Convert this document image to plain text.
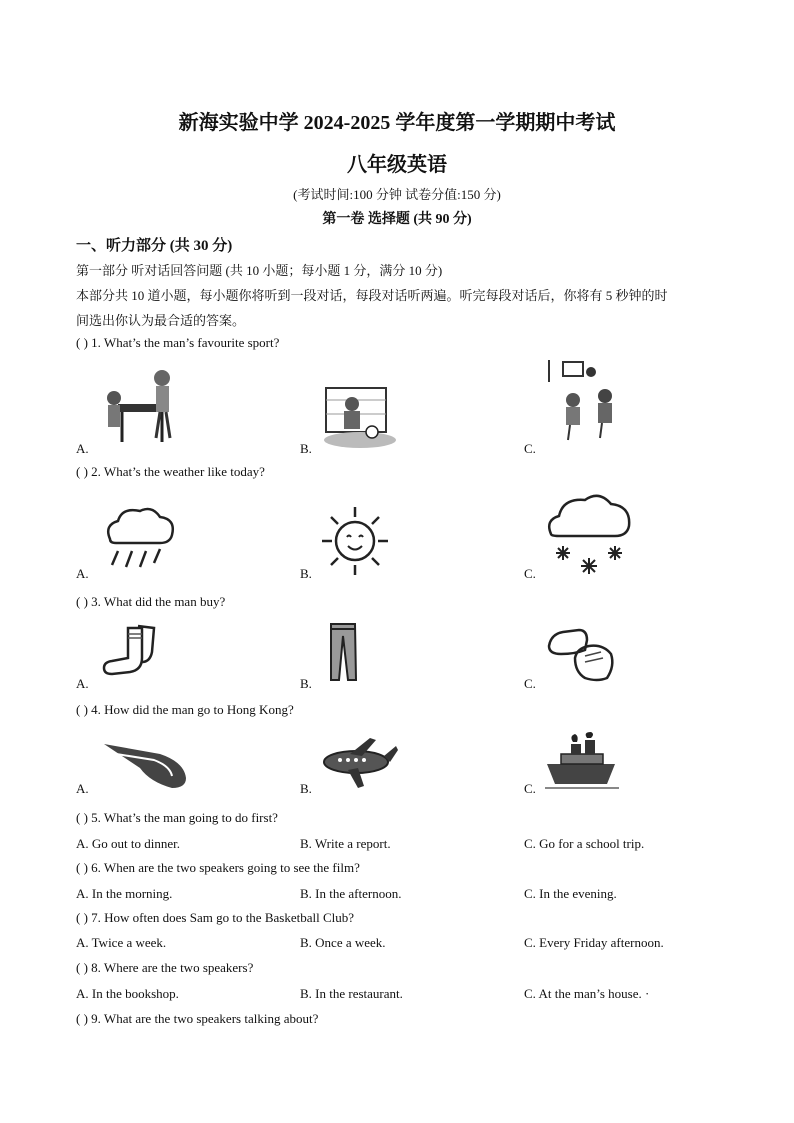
新海实验中学 2024-2025 学年度第一学期期中考试
八年级英语
(考试时间:100 分钟 试卷分值:150 分)
第一卷 选择题 (共 90 分)
一、听力部分 (共 30 分)
第一部分 听对话回答问题 (共 10 小题；每小题 1 分，满分 10 分)
本部分共 10 道小题，每小题你将听到一段对话，每段对话听两遍。听完每段对话后，你将有 5 秒钟的时
间选出你认为最合适的答案。
( ) 1. What’s the man’s favourite sport?
A.	B.	C.
( ) 2. What’s the weather like today?
A.	B.	C.
( ) 3. What did the man buy?
A.	B.	C.
( ) 4. How did the man go to Hong Kong?
A.	B.	C.
( ) 5. What’s the man going to do first?
A. Go out to dinner.	B. Write a report.	C. Go for a school trip.
( ) 6. When are the two speakers going to see the film?
A. In the morning.	B. In the afternoon.	C. In the evening.
( ) 7. How often does Sam go to the Basketball Club?
A. Twice a week.	B. Once a week.	C. Every Friday afternoon.
( ) 8. Where are the two speakers?
A. In the bookshop.	B. In the restaurant.	C. At the man’s house. ·
( ) 9. What are the two speakers talking about?
